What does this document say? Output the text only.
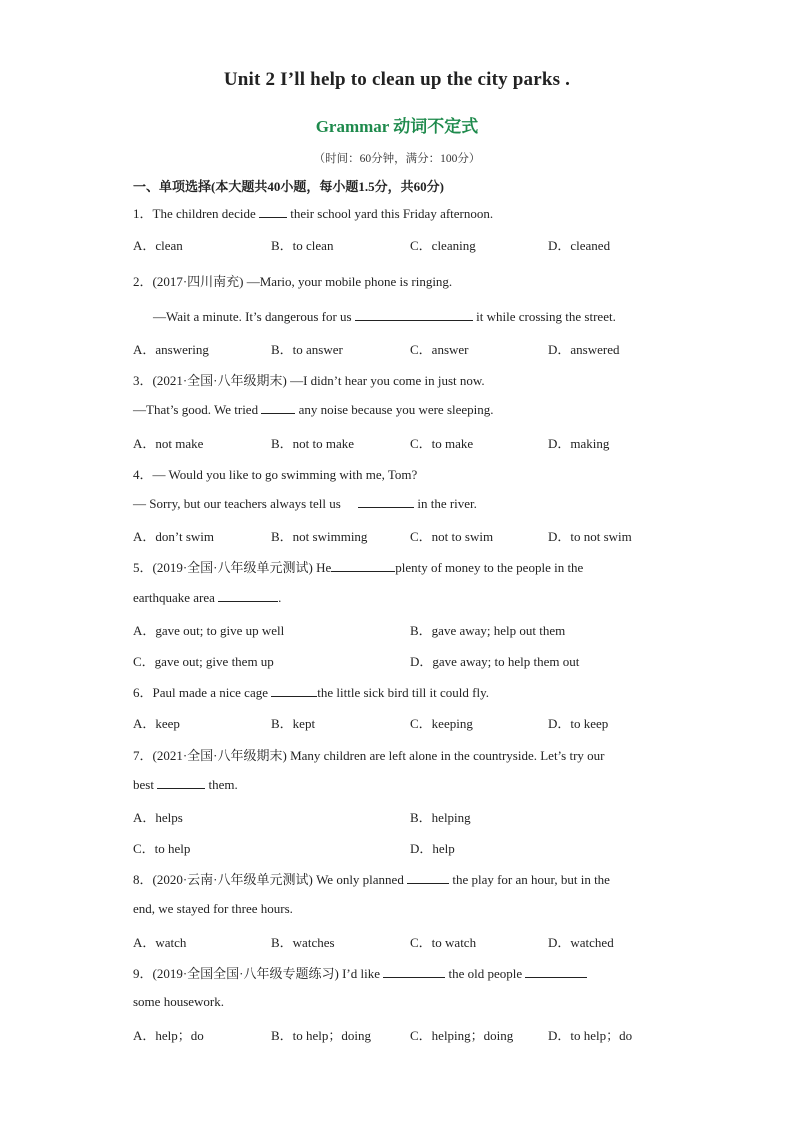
Unit 2 I’ll help to clean up the city parks .
Grammar 动词不定式
（时间：60分钟，满分：100分）
一、单项选择(本大题共40小题，每小题1.5分，共60分)
1．The children decide	their school yard this Friday afternoon.
A．clean	B．to clean	C．cleaning	D．cleaned
2．(2017·四川南充) —Mario, your mobile phone is ringing.
—Wait a minute. It’s dangerous for us	it while crossing the street.
A．answering	B．to answer	C．answer	D．answered
3．(2021·全国·八年级期末) —I didn’t hear you come in just now.
—That’s good. We tried	any noise because you were sleeping.
A．not make	B．not to make	C．to make	D．making
4．— Would you like to go swimming with me, Tom?
— Sorry, but our teachers always tell us	in the river.
A．don’t swim	B．not swimming	C．not to swim	D．to not swim
5．(2019·全国·八年级单元测试) He	plenty of money to the people in the
earthquake area	.
A．gave out; to give up well	B．gave away; help out them
C．gave out; give them up	D．gave away; to help them out
6．Paul made a nice cage	the little sick bird till it could fly.
A．keep	B．kept	C．keeping	D．to keep
7．(2021·全国·八年级期末) Many children are left alone in the countryside. Let’s try our
best	them.
A．helps	B．helping
C．to help	D．help
8．(2020·云南·八年级单元测试) We only planned	the play for an hour, but in the
end, we stayed for three hours.
A．watch	B．watches	C．to watch	D．watched
9．(2019·全国全国·八年级专题练习) I’d like	the old people
some housework.
A．help；do	B．to help；doing	C．helping；doing	D．to help；do
